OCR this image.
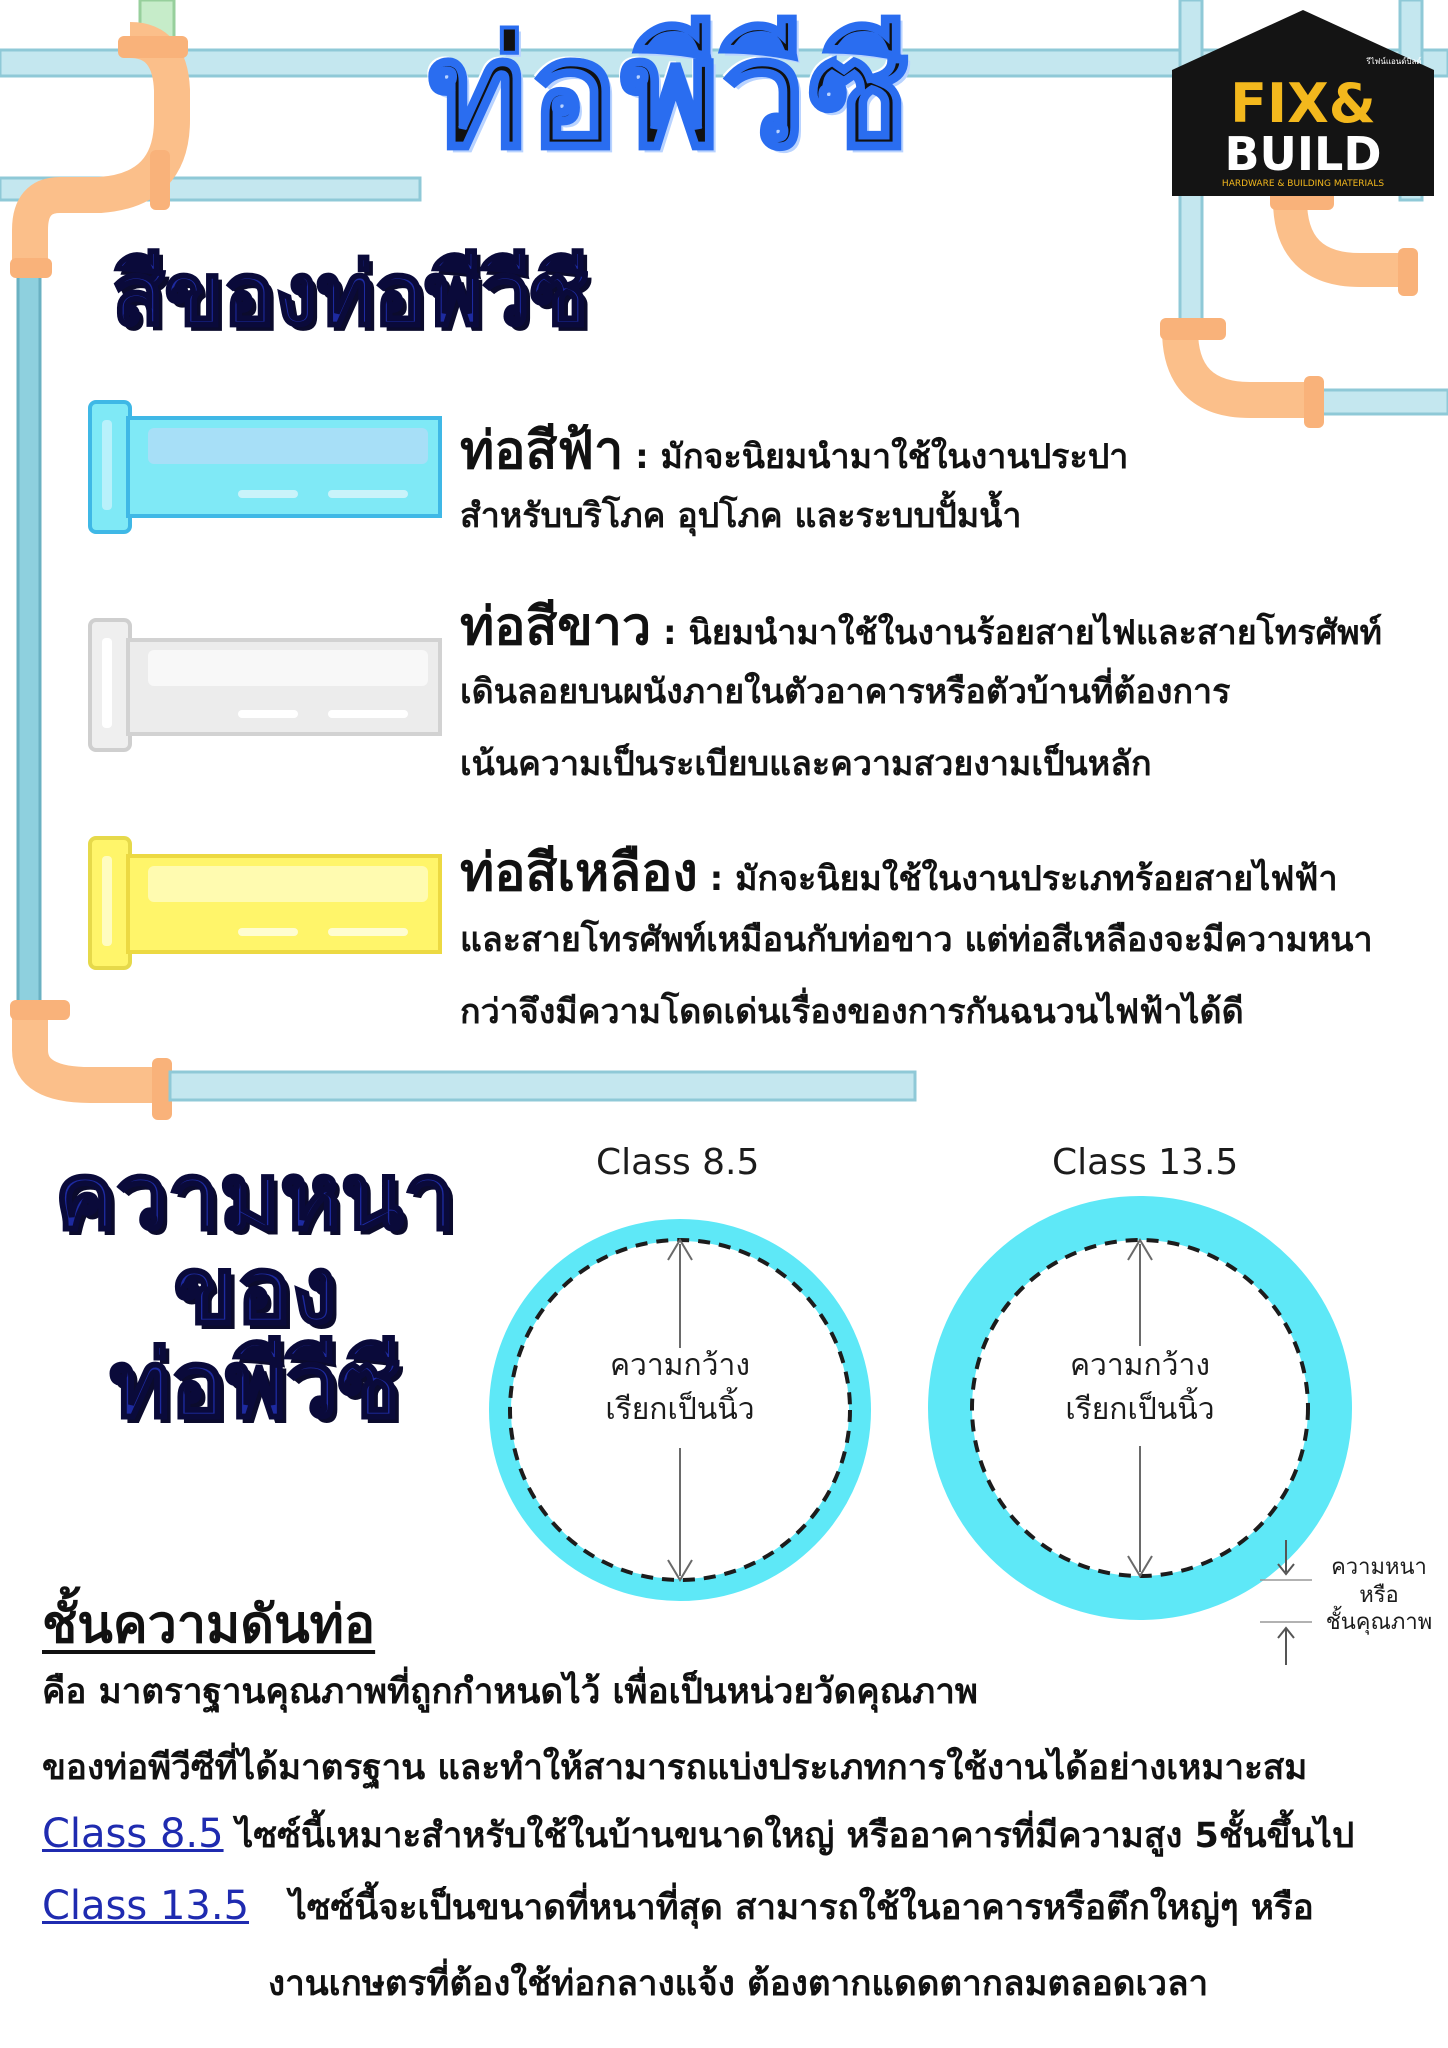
FIX&
BUILD
HARDWARE & BUILDING MATERIALS
รีไฟน์แอนด์บิลด์
ท่อพีวีซี
สีของท่อพีวีซี
ท่อสีฟ้า : มักจะนิยมนำมาใช้ในงานประปา
สำหรับบริโภค อุปโภค และระบบปั้มน้ำ
ท่อสีขาว : นิยมนำมาใช้ในงานร้อยสายไฟและสายโทรศัพท์
เดินลอยบนผนังภายในตัวอาคารหรือตัวบ้านที่ต้องการ
เน้นความเป็นระเบียบและความสวยงามเป็นหลัก
ท่อสีเหลือง : มักจะนิยมใช้ในงานประเภทร้อยสายไฟฟ้า
และสายโทรศัพท์เหมือนกับท่อขาว แต่ท่อสีเหลืองจะมีความหนา
กว่าจึงมีความโดดเด่นเรื่องของการกันฉนวนไฟฟ้าได้ดี
ความหนา
ของ
ท่อพีวีซี
Class 8.5
ความกว้าง
เรียกเป็นนิ้ว
Class 13.5
ความกว้าง
เรียกเป็นนิ้ว
ความหนา
หรือ
ชั้นคุณภาพ
ชั้นความดันท่อ
คือ มาตราฐานคุณภาพที่ถูกกำหนดไว้ เพื่อเป็นหน่วยวัดคุณภาพ
ของท่อพีวีซีที่ได้มาตรฐาน และทำให้สามารถแบ่งประเภทการใช้งานได้อย่างเหมาะสม
Class 8.5 ไซซ์นี้เหมาะสำหรับใช้ในบ้านขนาดใหญ่ หรืออาคารที่มีความสูง 5ชั้นขึ้นไป
Class 13.5 ไซซ์นี้จะเป็นขนาดที่หนาที่สุด สามารถใช้ในอาคารหรือตึกใหญ่ๆ หรือ
งานเกษตรที่ต้องใช้ท่อกลางแจ้ง ต้องตากแดดตากลมตลอดเวลา
